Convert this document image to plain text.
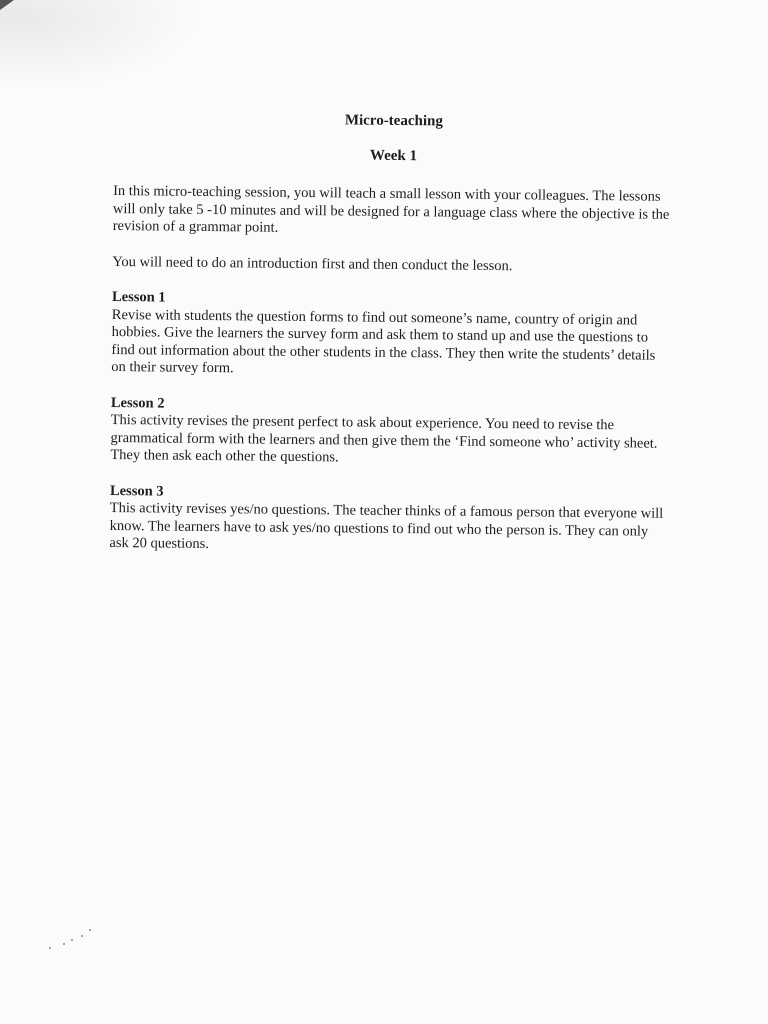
Micro-teaching
Week 1

In this micro-teaching session, you will teach a small lesson with your colleagues. The lessons will only take 5 -10 minutes and will be designed for a language class where the objective is the revision of a grammar point.

You will need to do an introduction first and then conduct the lesson.

Lesson 1

Revise with students the question forms to find out someone’s name, country of origin and hobbies. Give the learners the survey form and ask them to stand up and use the questions to find out information about the other students in the class. They then write the students’ details on their survey form.

Lesson 2

This activity revises the present perfect to ask about experience. You need to revise the grammatical form with the learners and then give them the ‘Find someone who’ activity sheet. They then ask each other the questions.

Lesson 3

This activity revises yes/no questions. The teacher thinks of a famous person that everyone will know. The learners have to ask yes/no questions to find out who the person is. They can only ask 20 questions.
